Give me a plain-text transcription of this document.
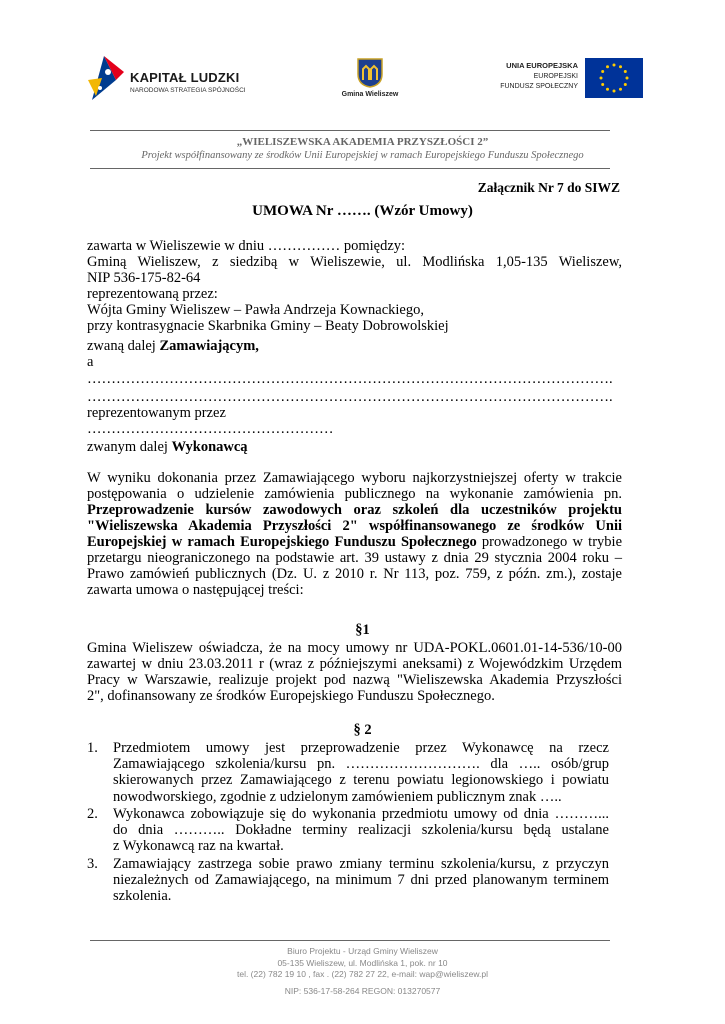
KAPITAŁ LUDZKI
NARODOWA STRATEGIA SPÓJNOŚCI
Gmina Wieliszew
UNIA EUROPEJSKA
EUROPEJSKI
FUNDUSZ SPOŁECZNY
„WIELISZEWSKA AKADEMIA PRZYSZŁOŚCI 2”
Projekt współfinansowany ze środków Unii Europejskiej w ramach Europejskiego Funduszu Społecznego
Załącznik Nr 7 do SIWZ
UMOWA Nr ……. (Wzór Umowy)
zawarta w Wieliszewie w dniu …………… pomiędzy:
Gminą Wieliszew, z siedzibą w Wieliszewie, ul. Modlińska 1,05-135 Wieliszew,
NIP 536-175-82-64
reprezentowaną przez:
Wójta Gminy Wieliszew – Pawła Andrzeja Kownackiego,
przy kontrasygnacie Skarbnika Gminy – Beaty Dobrowolskiej
zwaną dalej Zamawiającym,
a
……………………………………………………………………………………………….
……………………………………………………………………………………………….
reprezentowanym przez
……………………………………………
zwanym dalej Wykonawcą
W wyniku dokonania przez Zamawiającego wyboru najkorzystniejszej oferty w trakcie
postępowania o udzielenie zamówienia publicznego na wykonanie zamówienia pn.
Przeprowadzenie kursów zawodowych oraz szkoleń dla uczestników projektu
"Wieliszewska Akademia Przyszłości 2" współfinansowanego ze środków Unii
Europejskiej w ramach Europejskiego Funduszu Społecznego prowadzonego w trybie
przetargu nieograniczonego na podstawie art. 39 ustawy z dnia 29 stycznia 2004 roku –
Prawo zamówień publicznych (Dz. U. z 2010 r. Nr 113, poz. 759, z późn. zm.), zostaje
zawarta umowa o następującej treści:
§1
Gmina Wieliszew oświadcza, że na mocy umowy nr UDA-POKL.0601.01-14-536/10-00
zawartej w dniu 23.03.2011 r (wraz z późniejszymi aneksami) z Wojewódzkim Urzędem
Pracy w Warszawie, realizuje projekt pod nazwą "Wieliszewska Akademia Przyszłości
2", dofinansowany ze środków Europejskiego Funduszu Społecznego.
§ 2
1. Przedmiotem umowy jest przeprowadzenie przez Wykonawcę na rzecz
Zamawiającego szkolenia/kursu pn. ………………………. dla ….. osób/grup
skierowanych przez Zamawiającego z terenu powiatu legionowskiego i powiatu
nowodworskiego, zgodnie z udzielonym zamówieniem publicznym znak …..
2. Wykonawca zobowiązuje się do wykonania przedmiotu umowy od dnia ………...
do dnia ……….. Dokładne terminy realizacji szkolenia/kursu będą ustalane
z Wykonawcą raz na kwartał.
3. Zamawiający zastrzega sobie prawo zmiany terminu szkolenia/kursu, z przyczyn
niezależnych od Zamawiającego, na minimum 7 dni przed planowanym terminem
szkolenia.
Biuro Projektu - Urząd Gminy Wieliszew
05-135 Wieliszew, ul. Modlińska 1, pok. nr 10
tel. (22) 782 19 10 , fax . (22) 782 27 22, e-mail: wap@wieliszew.pl
NIP: 536-17-58-264 REGON: 013270577
